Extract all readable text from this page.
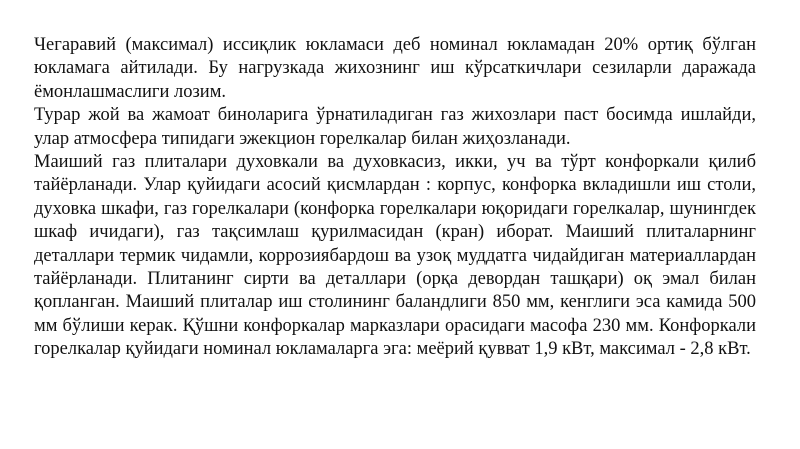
Чегаравий (максимал) иссиқлик юкламаси деб номинал юкламадан 20% ортиқ бўлган юкламага айтилади. Бу нагрузкада жихознинг иш кўрсаткичлари сезиларли даражада ёмонлашмаслиги лозим.

Турар жой ва жамоат биноларига ўрнатиладиган газ жихозлари паст босимда ишлайди, улар атмосфера типидаги эжекцион горелкалар билан жиҳозланади.

Маиший газ плиталари духовкали ва духовкасиз, икки, уч ва тўрт конфоркали қилиб тайёрланади. Улар қуйидаги асосий қисмлардан : корпус, конфорка вкладишли иш столи, духовка шкафи, газ горелкалари (конфорка горелкалари юқоридаги горелкалар, шунингдек шкаф ичидаги), газ тақсимлаш қурилмасидан (кран) иборат. Маиший плиталарнинг деталлари термик чидамли, коррозиябардош ва узоқ муддатга чидайдиган материаллардан тайёрланади. Плитанинг сирти ва деталлари (орқа девордан ташқари) оқ эмал билан қопланган. Маиший плиталар иш столининг баландлиги 850 мм, кенглиги эса камида 500 мм бўлиши керак. Қўшни конфоркалар марказлари орасидаги масофа 230 мм. Конфоркали горелкалар қуйидаги номинал юкламаларга эга: меёрий қувват 1,9 кВт, максимал - 2,8 кВт.
